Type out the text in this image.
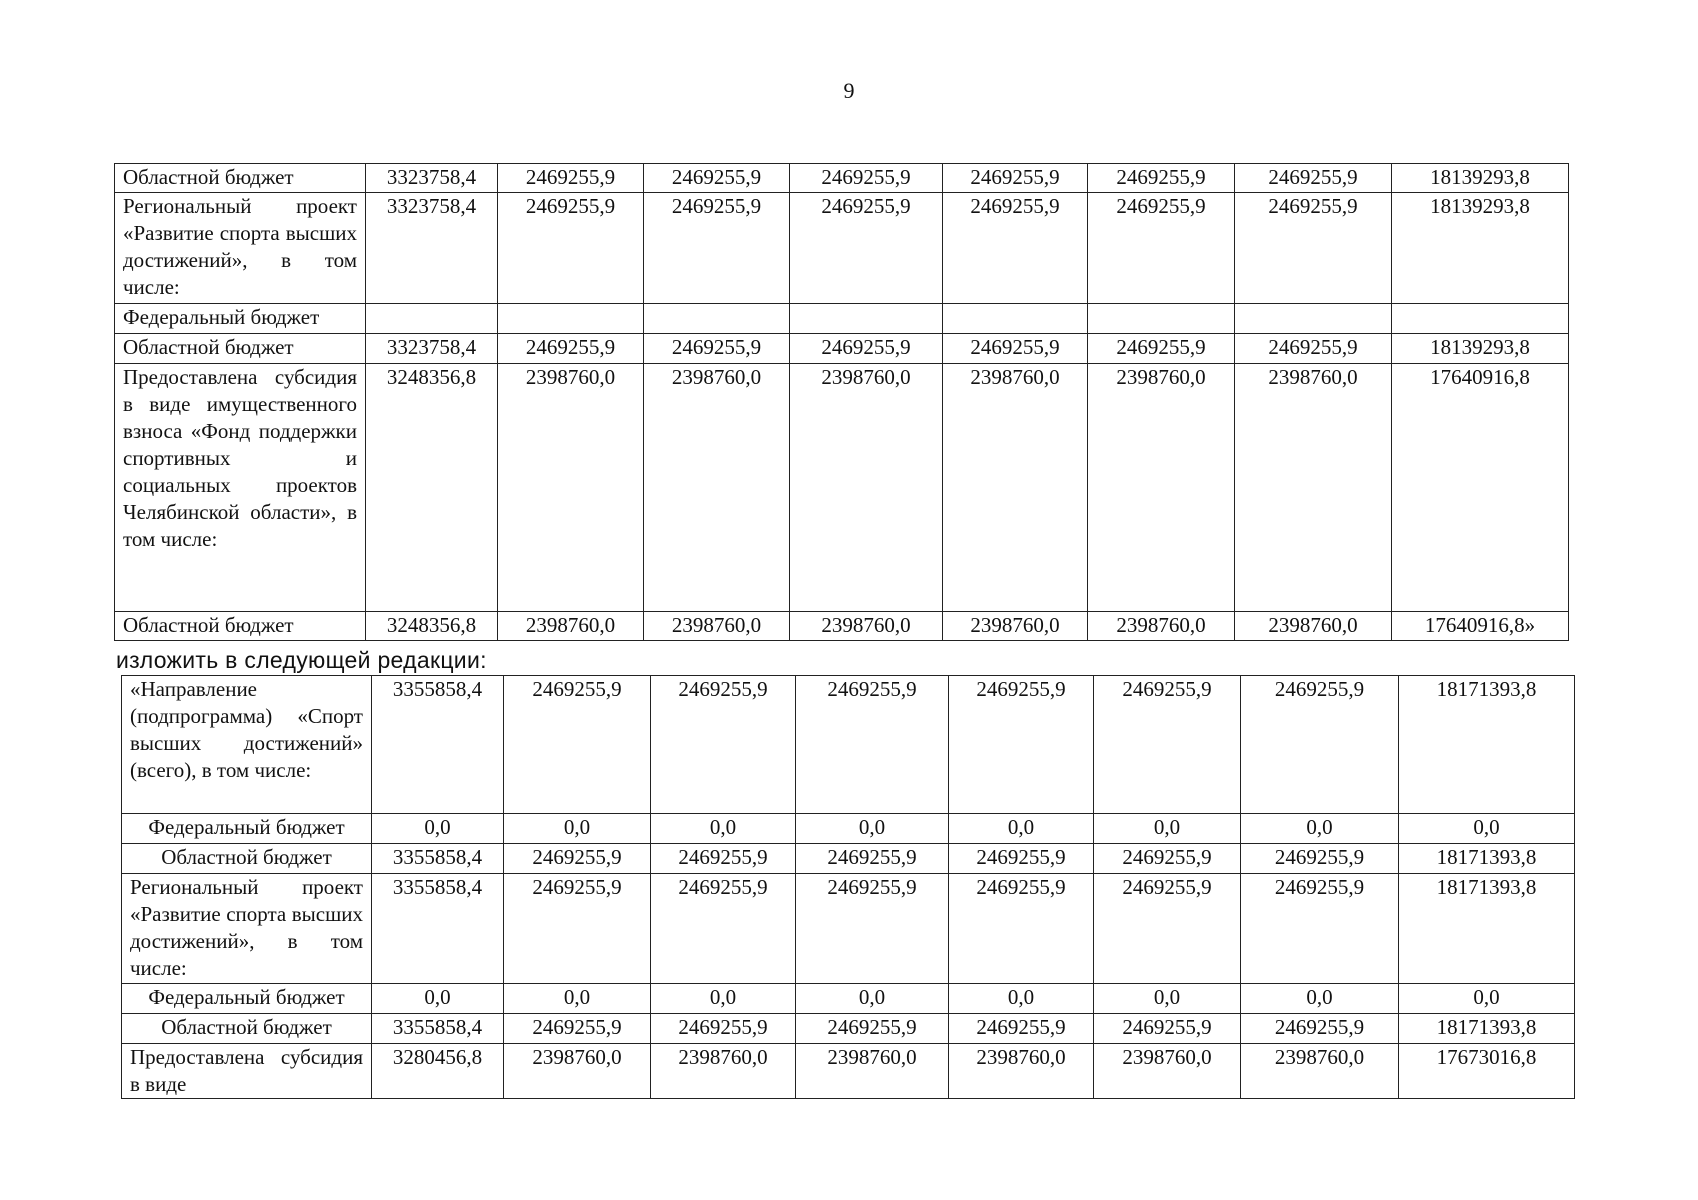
9
Областной бюджет	3323758,4	2469255,9	2469255,9	2469255,9	2469255,9	2469255,9	2469255,9	18139293,8
Региональный проект «Развитие спорта высших достижений», в том числе:	3323758,4	2469255,9	2469255,9	2469255,9	2469255,9	2469255,9	2469255,9	18139293,8
Федеральный бюджет								
Областной бюджет	3323758,4	2469255,9	2469255,9	2469255,9	2469255,9	2469255,9	2469255,9	18139293,8
Предоставлена субсидия в виде имущественного взноса «Фонд поддержки спортивных и социальных проектов Челябинской области», в том числе:	3248356,8	2398760,0	2398760,0	2398760,0	2398760,0	2398760,0	2398760,0	17640916,8
Областной бюджет	3248356,8	2398760,0	2398760,0	2398760,0	2398760,0	2398760,0	2398760,0	17640916,8»
изложить в следующей редакции:
«Направление (подпрограмма) «Спорт высших достижений» (всего), в том числе:	3355858,4	2469255,9	2469255,9	2469255,9	2469255,9	2469255,9	2469255,9	18171393,8
Федеральный бюджет	0,0	0,0	0,0	0,0	0,0	0,0	0,0	0,0
Областной бюджет	3355858,4	2469255,9	2469255,9	2469255,9	2469255,9	2469255,9	2469255,9	18171393,8
Региональный проект «Развитие спорта высших достижений», в том числе:	3355858,4	2469255,9	2469255,9	2469255,9	2469255,9	2469255,9	2469255,9	18171393,8
Федеральный бюджет	0,0	0,0	0,0	0,0	0,0	0,0	0,0	0,0
Областной бюджет	3355858,4	2469255,9	2469255,9	2469255,9	2469255,9	2469255,9	2469255,9	18171393,8
Предоставлена субсидия в виде	3280456,8	2398760,0	2398760,0	2398760,0	2398760,0	2398760,0	2398760,0	17673016,8
